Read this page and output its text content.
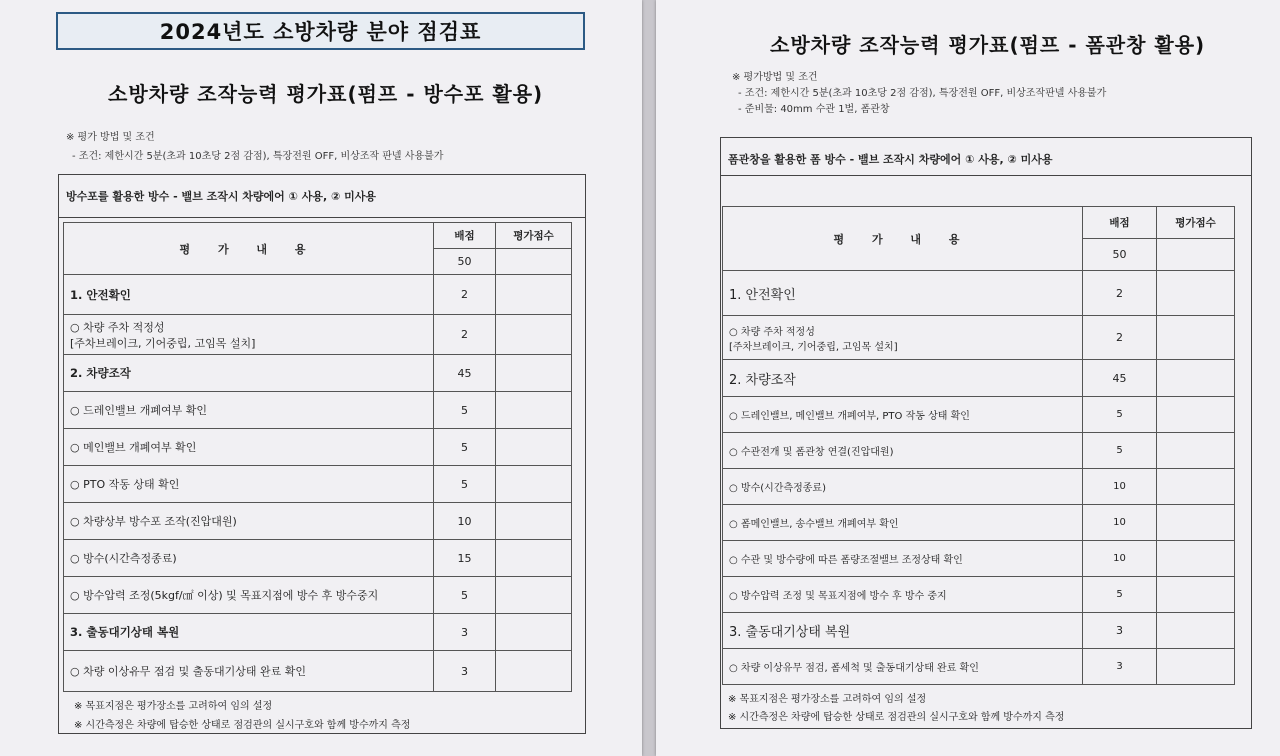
2024년도 소방차량 분야 점검표
소방차량 조작능력 평가표(펌프 - 방수포 활용)
※ 평가 방법 및 조건
- 조건: 제한시간 5분(초과 10초당 2점 감점), 특장전원 OFF, 비상조작 판넬 사용불가
방수포를 활용한 방수 - 밸브 조작시 차량에어 ① 사용, ② 미사용
평 가 내 용	배점	평가점수
	50	
1. 안전확인	2	

○ 차량 주차 적정성
[주차브레이크, 기어중립, 고임목 설치]	2	
2. 차량조작	45	
○ 드레인밸브 개폐여부 확인	5	
○ 메인밸브 개폐여부 확인	5	
○ PTO 작동 상태 확인	5	
○ 차량상부 방수포 조작(진압대원)	10	
○ 방수(시간측정종료)	15	
○ 방수압력 조정(5kgf/㎠ 이상) 및 목표지점에 방수 후 방수중지	5	
3. 출동대기상태 복원	3	
○ 차량 이상유무 점검 및 출동대기상태 완료 확인	3	
※ 목표지점은 평가장소를 고려하여 임의 설정
※ 시간측정은 차량에 탑승한 상태로 점검관의 실시구호와 함께 방수까지 측정
소방차량 조작능력 평가표(펌프 - 폼관창 활용)
※ 평가방법 및 조건
- 조건: 제한시간 5분(초과 10초당 2점 감점), 특장전원 OFF, 비상조작판넬 사용불가
- 준비물: 40mm 수관 1벌, 폼관창
폼관창을 활용한 폼 방수 - 밸브 조작시 차량에어 ① 사용, ② 미사용
평 가 내 용	배점	평가점수
	50	
1. 안전확인	2	

○ 차량 주차 적정성
[주차브레이크, 기어중립, 고임목 설치]	2	
2. 차량조작	45	
○ 드레인밸브, 메인밸브 개폐여부, PTO 작동 상태 확인	5	
○ 수관전개 및 폼관창 연결(진압대원)	5	
○ 방수(시간측정종료)	10	
○ 폼메인밸브, 송수밸브 개폐여부 확인	10	
○ 수관 및 방수량에 따른 폼량조절밸브 조정상태 확인	10	
○ 방수압력 조정 및 목표지점에 방수 후 방수 중지	5	
3. 출동대기상태 복원	3	
○ 차량 이상유무 점검, 폼세척 및 출동대기상태 완료 확인	3	
※ 목표지점은 평가장소를 고려하여 임의 설정
※ 시간측정은 차량에 탑승한 상태로 점검관의 실시구호와 함께 방수까지 측정
